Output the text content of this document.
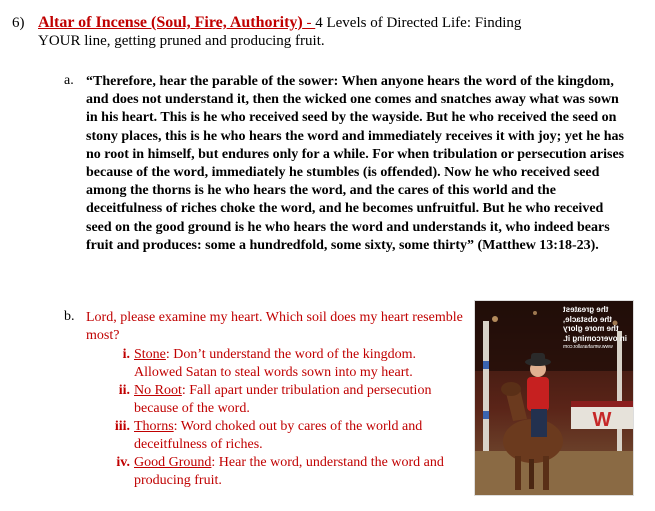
6) Altar of Incense (Soul, Fire, Authority) - 4 Levels of Directed Life: Finding
YOUR line, getting pruned and producing fruit.
a. “Therefore, hear the parable of the sower: When anyone hears the word of the kingdom, and does not understand it, then the wicked one comes and snatches away what was sown in his heart. This is he who received seed by the wayside. But he who received the seed on stony places, this is he who hears the word and immediately receives it with joy; yet he has no root in himself, but endures only for a while. For when tribulation or persecution arises because of the word, immediately he stumbles (is offended). Now he who received seed among the thorns is he who hears the word, and the cares of this world and the deceitfulness of riches choke the word, and he becomes unfruitful. But he who received seed on the good ground is he who hears the word and understands it, who indeed bears fruit and produces: some a hundredfold, some sixty, some thirty” (Matthew 13:18-23).
b. Lord, please examine my heart. Which soil does my heart resemble most?
i. Stone: Don’t understand the word of the kingdom. Allowed Satan to steal words sown into my heart.
ii. No Root: Fall apart under tribulation and persecution because of the word.
iii. Thorns: Word choked out by cares of the world and deceitfulness of riches.
iv. Good Ground: Hear the word, understand the word and producing fruit.
W
the greatest
the obstacle,
the more glory
in overcoming it.
www.wmaharallor.com
